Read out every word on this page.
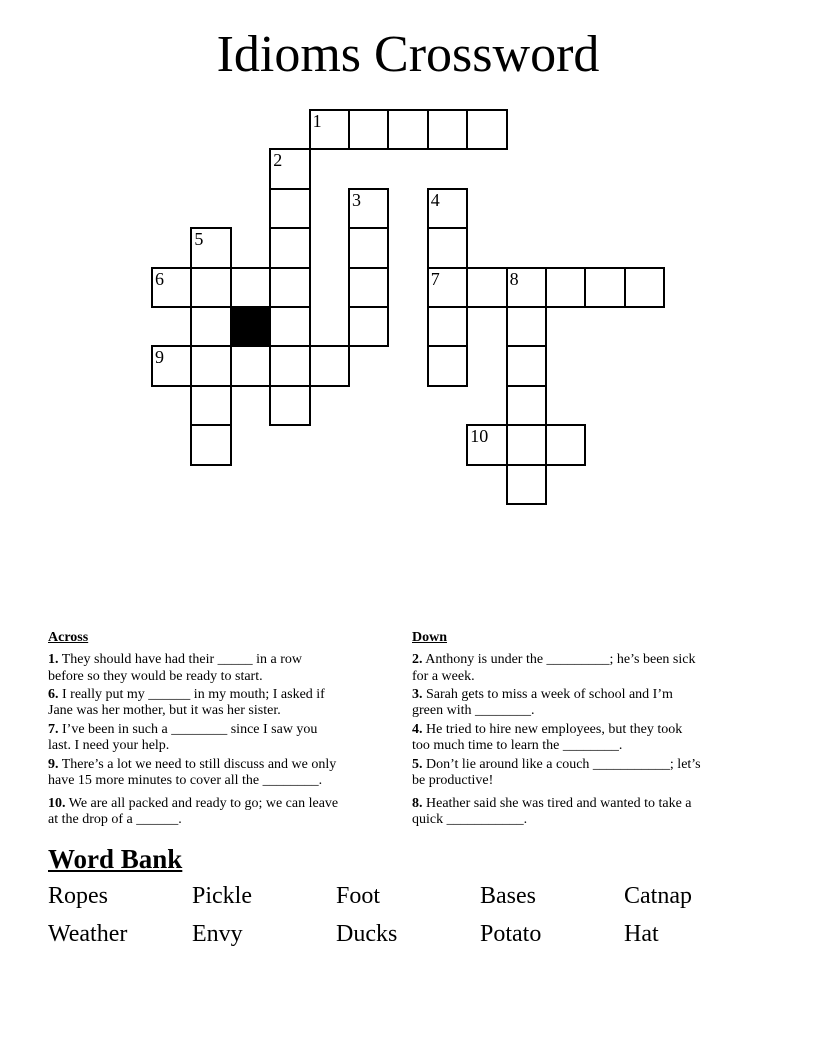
Idioms Crossword
1
2
3	4
5
6	7	8
9
10
Across

1. They should have had their _____ in a row
before so they would be ready to start.

6. I really put my ______ in my mouth; I asked if
Jane was her mother, but it was her sister.

7. I’ve been in such a ________ since I saw you
last. I need your help.

9. There’s a lot we need to still discuss and we only
have 15 more minutes to cover all the ________.

10. We are all packed and ready to go; we can leave
at the drop of a ______.

Down

2. Anthony is under the _________; he’s been sick
for a week.

3. Sarah gets to miss a week of school and I’m
green with ________.

4. He tried to hire new employees, but they took
too much time to learn the ________.

5. Don’t lie around like a couch ___________; let’s
be productive!

8. Heather said she was tired and wanted to take a
quick ___________.

Word Bank
Ropes	Pickle	Foot	Bases	Catnap
Weather	Envy	Ducks	Potato	Hat
